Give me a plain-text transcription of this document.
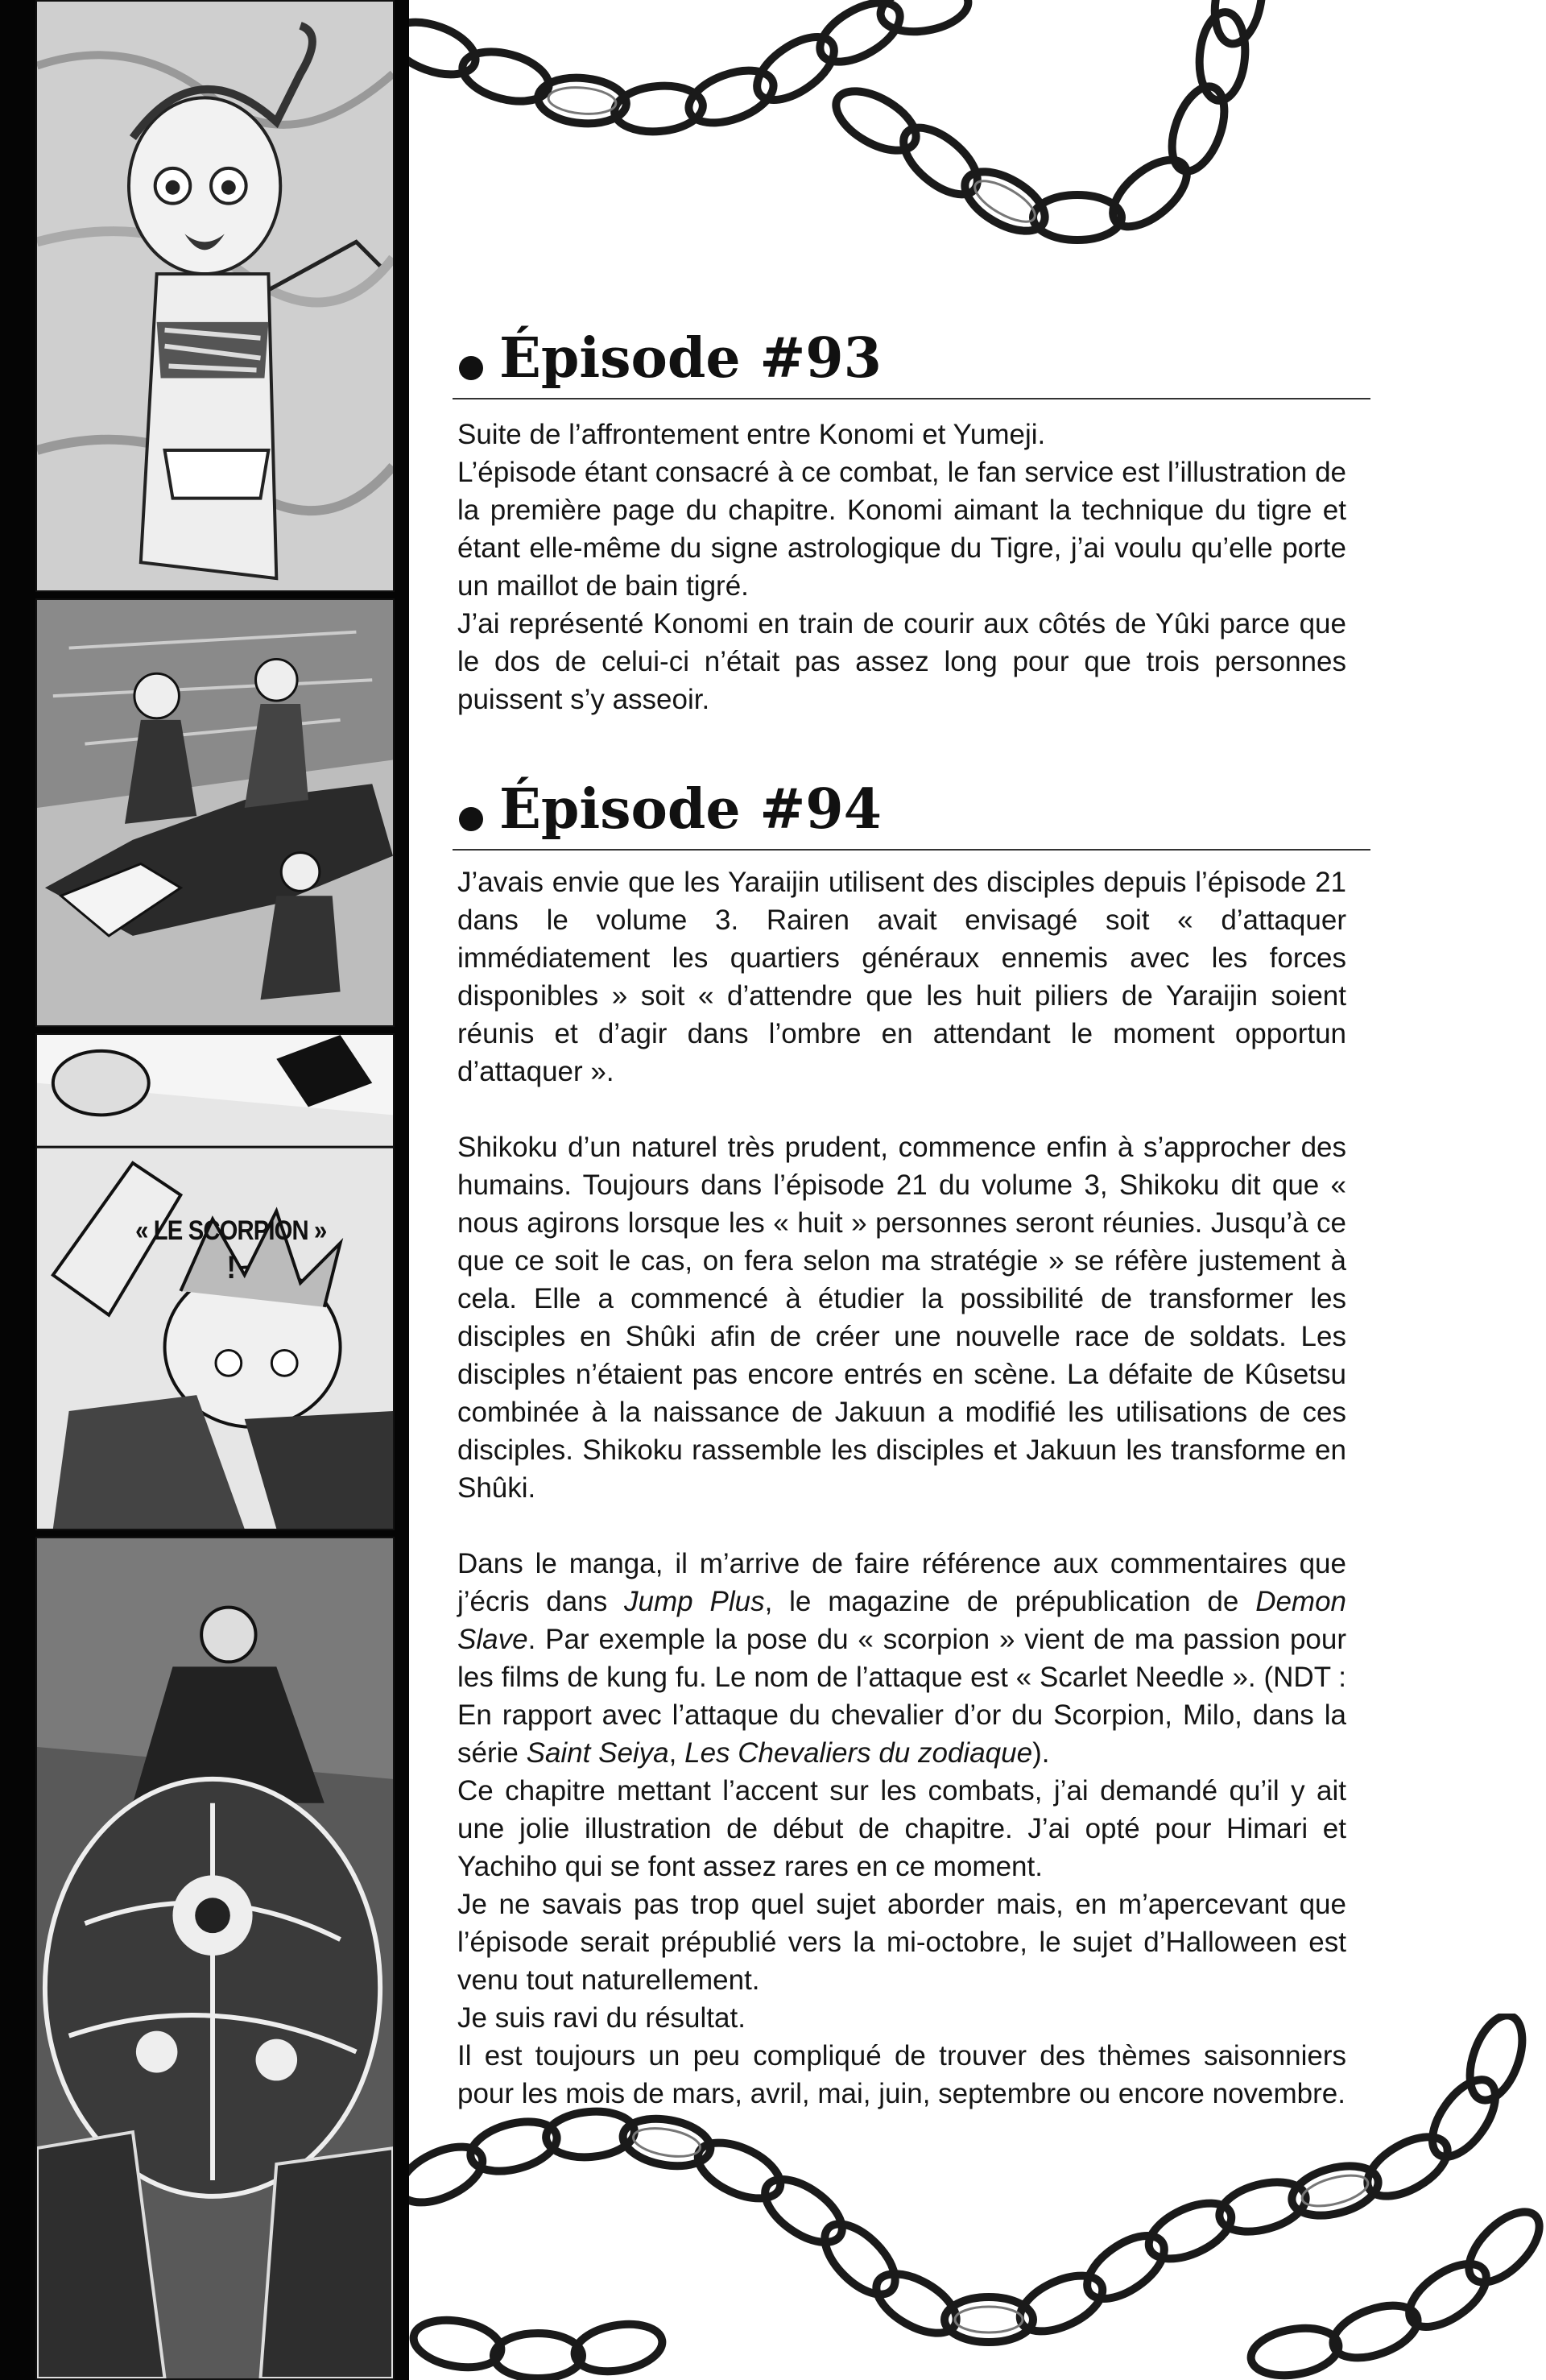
« LE SCORPION »
!
Épisode #93

Suite de l’affrontement entre Konomi et Yumeji.

L’épisode étant consacré à ce combat, le fan service est l’illustration de la première page du chapitre. Konomi aimant la technique du tigre et étant elle-même du signe astrologique du Tigre, j’ai voulu qu’elle porte un maillot de bain tigré.

J’ai représenté Konomi en train de courir aux côtés de Yûki parce que le dos de celui-ci n’était pas assez long pour que trois personnes puissent s’y asseoir.

Épisode #94

J’avais envie que les Yaraijin utilisent des disciples depuis l’épisode 21 dans le volume 3. Rairen avait envisagé soit « d’attaquer immédiatement les quartiers généraux ennemis avec les forces disponibles » soit « d’attendre que les huit piliers de Yaraijin soient réunis et d’agir dans l’ombre en attendant le moment opportun d’attaquer ».

Shikoku d’un naturel très prudent, commence enfin à s’approcher des humains. Toujours dans l’épisode 21 du volume 3, Shikoku dit que « nous agirons lorsque les « huit » personnes seront réunies. Jusqu’à ce que ce soit le cas, on fera selon ma stratégie » se réfère justement à cela. Elle a commencé à étudier la possibilité de transformer les disciples en Shûki afin de créer une nouvelle race de soldats. Les disciples n’étaient pas encore entrés en scène. La défaite de Kûsetsu combinée à la naissance de Jakuun a modifié les utilisations de ces disciples. Shikoku rassemble les disciples et Jakuun les transforme en Shûki.

Dans le manga, il m’arrive de faire référence aux commentaires que j’écris dans Jump Plus, le magazine de prépublication de Demon Slave. Par exemple la pose du « scorpion » vient de ma passion pour les films de kung fu. Le nom de l’attaque est « Scarlet Needle ». (NDT : En rapport avec l’attaque du chevalier d’or du Scorpion, Milo, dans la série Saint Seiya, Les Chevaliers du zodiaque).

Ce chapitre mettant l’accent sur les combats, j’ai demandé qu’il y ait une jolie illustration de début de chapitre. J’ai opté pour Himari et Yachiho qui se font assez rares en ce moment.

Je ne savais pas trop quel sujet aborder mais, en m’apercevant que l’épisode serait prépublié vers la mi-octobre, le sujet d’Halloween est venu tout naturellement.

Je suis ravi du résultat.

Il est toujours un peu compliqué de trouver des thèmes saisonniers pour les mois de mars, avril, mai, juin, septembre ou encore novembre.
